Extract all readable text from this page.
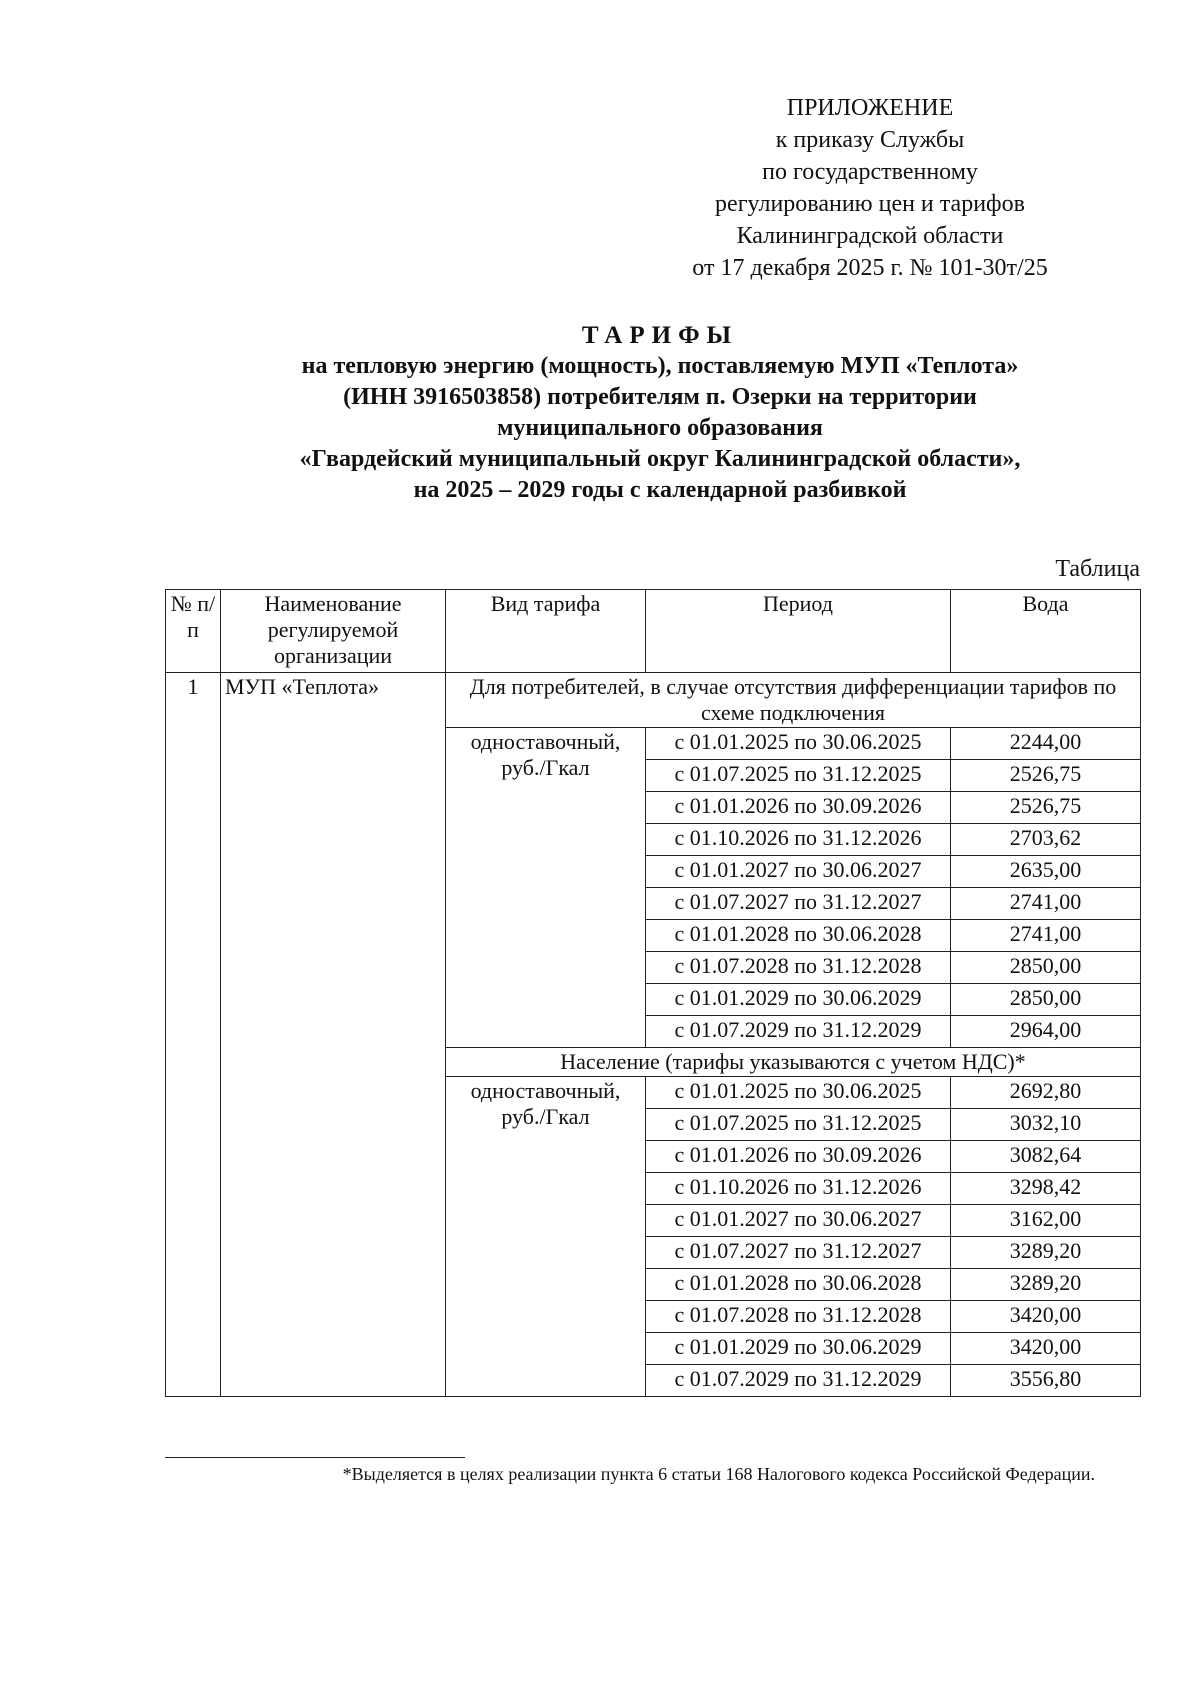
ПРИЛОЖЕНИЕ
к приказу Службы
по государственному
регулированию цен и тарифов
Калининградской области
от 17 декабря 2025 г. № 101-30т/25
ТАРИФЫ
на тепловую энергию (мощность), поставляемую МУП «Теплота»
(ИНН 3916503858) потребителям п. Озерки на территории
муниципального образования
«Гвардейский муниципальный округ Калининградской области»,
на 2025 – 2029 годы с календарной разбивкой
Таблица
№ п/п	Наименование регулируемой организации	Вид тарифа	Период	Вода
1	МУП «Теплота»	Для потребителей, в случае отсутствия дифференциации тарифов по схеме подключения		
		одноставочный, руб./Гкал	с 01.01.2025 по 30.06.2025	2244,00
			с 01.07.2025 по 31.12.2025	2526,75
			с 01.01.2026 по 30.09.2026	2526,75
			с 01.10.2026 по 31.12.2026	2703,62
			с 01.01.2027 по 30.06.2027	2635,00
			с 01.07.2027 по 31.12.2027	2741,00
			с 01.01.2028 по 30.06.2028	2741,00
			с 01.07.2028 по 31.12.2028	2850,00
			с 01.01.2029 по 30.06.2029	2850,00
			с 01.07.2029 по 31.12.2029	2964,00
		Население (тарифы указываются с учетом НДС)*		
		одноставочный, руб./Гкал	с 01.01.2025 по 30.06.2025	2692,80
			с 01.07.2025 по 31.12.2025	3032,10
			с 01.01.2026 по 30.09.2026	3082,64
			с 01.10.2026 по 31.12.2026	3298,42
			с 01.01.2027 по 30.06.2027	3162,00
			с 01.07.2027 по 31.12.2027	3289,20
			с 01.01.2028 по 30.06.2028	3289,20
			с 01.07.2028 по 31.12.2028	3420,00
			с 01.01.2029 по 30.06.2029	3420,00
			с 01.07.2029 по 31.12.2029	3556,80
*Выделяется в целях реализации пункта 6 статьи 168 Налогового кодекса Российской Федерации.
